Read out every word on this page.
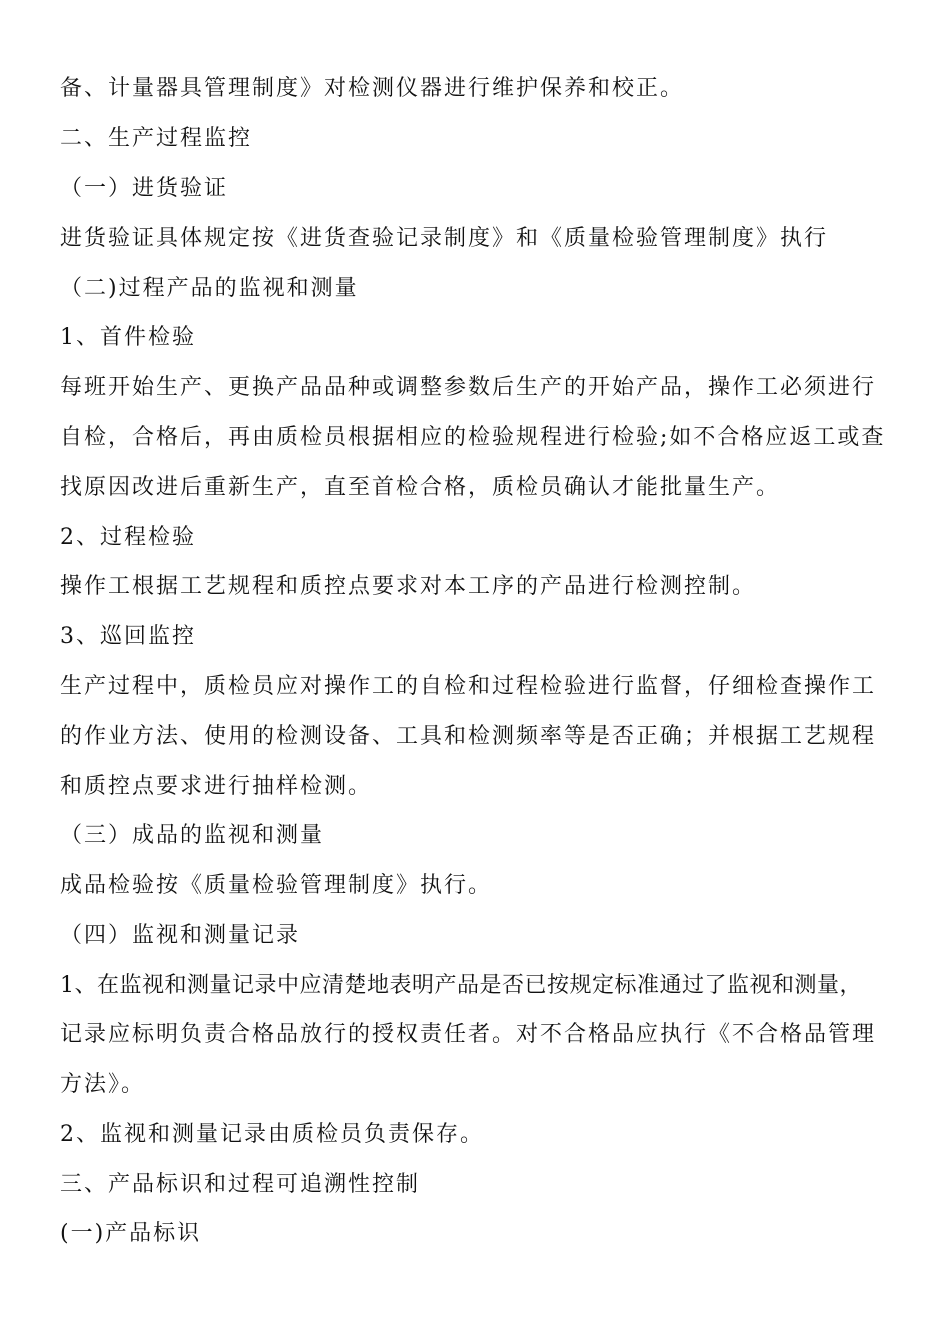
备、计量器具管理制度》对检测仪器进行维护保养和校正。
二、生产过程监控
（一）进货验证
进货验证具体规定按《进货查验记录制度》和《质量检验管理制度》执行
（二)过程产品的监视和测量
1、首件检验
每班开始生产、更换产品品种或调整参数后生产的开始产品，操作工必须进行
自检，合格后，再由质检员根据相应的检验规程进行检验;如不合格应返工或查
找原因改进后重新生产，直至首检合格，质检员确认才能批量生产。
2、过程检验
操作工根据工艺规程和质控点要求对本工序的产品进行检测控制。
3、巡回监控
生产过程中，质检员应对操作工的自检和过程检验进行监督，仔细检查操作工
的作业方法、使用的检测设备、工具和检测频率等是否正确；并根据工艺规程
和质控点要求进行抽样检测。
（三）成品的监视和测量
成品检验按《质量检验管理制度》执行。
（四）监视和测量记录
1、在监视和测量记录中应清楚地表明产品是否已按规定标准通过了监视和测量，
记录应标明负责合格品放行的授权责任者。对不合格品应执行《不合格品管理
方法》。
2、监视和测量记录由质检员负责保存。
三、产品标识和过程可追溯性控制
(一)产品标识
